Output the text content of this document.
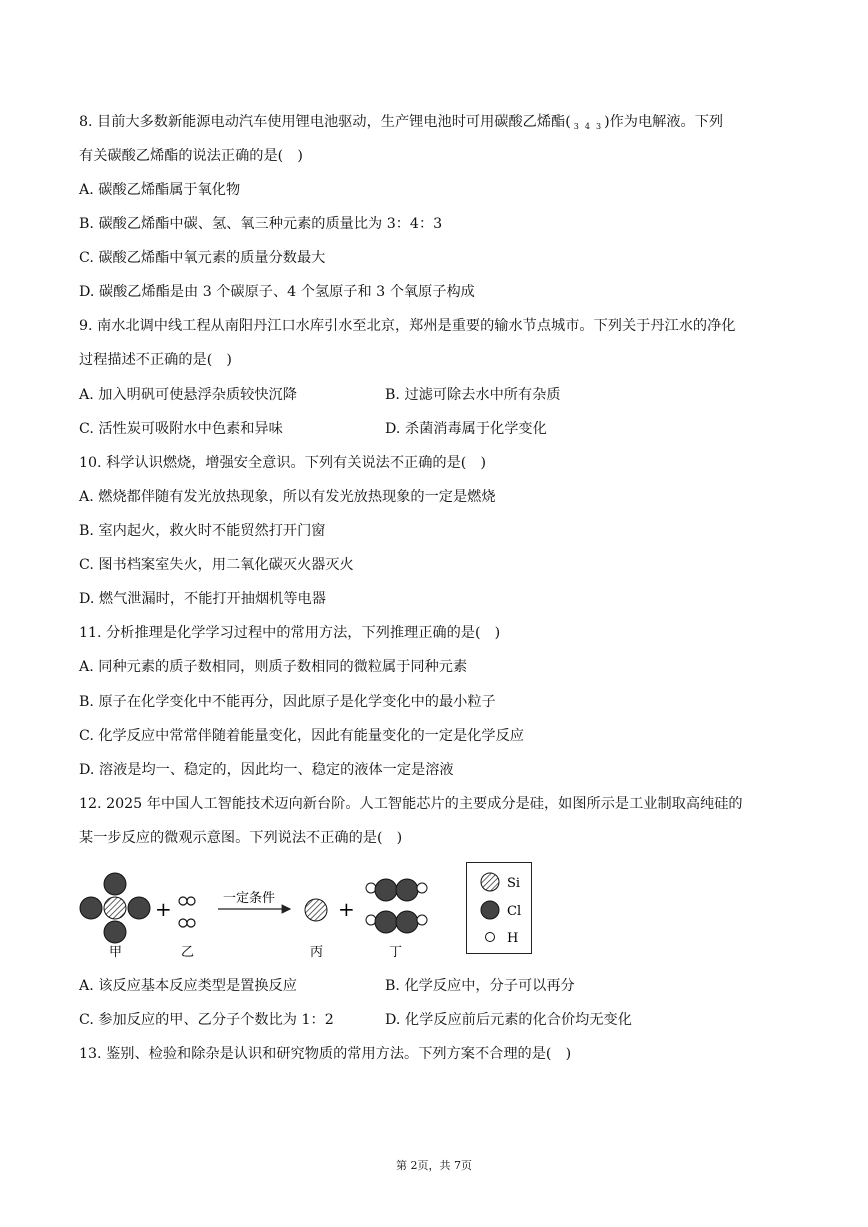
8. 目前大多数新能源电动汽车使用锂电池驱动，生产锂电池时可用碳酸乙烯酯( $_3$ $_4$ $_3$ )作为电解液。下列
有关碳酸乙烯酯的说法正确的是(　)
A. 碳酸乙烯酯属于氧化物
B. 碳酸乙烯酯中碳、氢、氧三种元素的质量比为 3：4：3
C. 碳酸乙烯酯中氧元素的质量分数最大
D. 碳酸乙烯酯是由 3 个碳原子、4 个氢原子和 3 个氧原子构成
9. 南水北调中线工程从南阳丹江口水库引水至北京，郑州是重要的输水节点城市。下列关于丹江水的净化
过程描述不正确的是(　)
A. 加入明矾可使悬浮杂质较快沉降	B. 过滤可除去水中所有杂质
C. 活性炭可吸附水中色素和异味	D. 杀菌消毒属于化学变化
10. 科学认识燃烧，增强安全意识。下列有关说法不正确的是(　)
A. 燃烧都伴随有发光放热现象，所以有发光放热现象的一定是燃烧
B. 室内起火，救火时不能贸然打开门窗
C. 图书档案室失火，用二氧化碳灭火器灭火
D. 燃气泄漏时，不能打开抽烟机等电器
11. 分析推理是化学学习过程中的常用方法，下列推理正确的是(　)
A. 同种元素的质子数相同，则质子数相同的微粒属于同种元素
B. 原子在化学变化中不能再分，因此原子是化学变化中的最小粒子
C. 化学反应中常常伴随着能量变化，因此有能量变化的一定是化学反应
D. 溶液是均一、稳定的，因此均一、稳定的液体一定是溶液
12. 2025 年中国人工智能技术迈向新台阶。人工智能芯片的主要成分是硅，如图所示是工业制取高纯硅的
某一步反应的微观示意图。下列说法不正确的是(　)
+	一定条件	+
甲	乙	丙	丁
Si
Cl
H
A. 该反应基本反应类型是置换反应	B. 化学反应中，分子可以再分
C. 参加反应的甲、乙分子个数比为 1：2	D. 化学反应前后元素的化合价均无变化
13. 鉴别、检验和除杂是认识和研究物质的常用方法。下列方案不合理的是(　)
第 2页，共 7页
